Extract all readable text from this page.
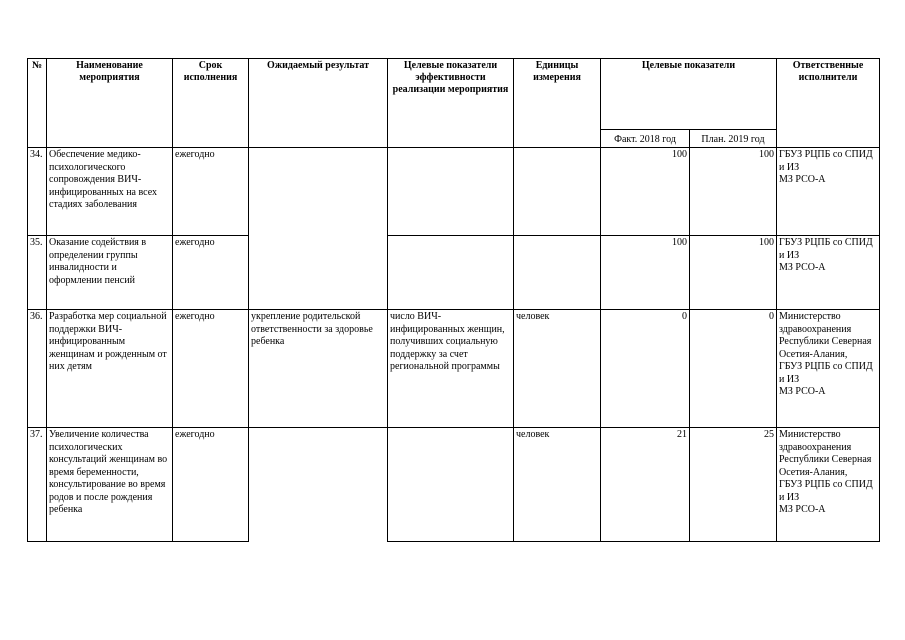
№	Наименование мероприятия	Срок исполнения	Ожидаемый результат	Целевые показатели эффективности реализации мероприятия	Единицы измерения	Целевые показатели		Ответственные исполнители
						Факт. 2018 год	План. 2019 год	
34.	Обеспечение медико-психологического сопровождения ВИЧ-инфицированных на всех стадиях заболевания	ежегодно				100	100	ГБУЗ РЦПБ со СПИД и ИЗ
МЗ РСО-А
35.	Оказание содействия в определении группы инвалидности и оформлении пенсий	ежегодно				100	100	ГБУЗ РЦПБ со СПИД и ИЗ
МЗ РСО-А
36.	Разработка мер социальной поддержки ВИЧ-инфицированным женщинам и рожденным от них детям	ежегодно	укрепление родительской ответственности за здоровье ребенка	число ВИЧ-инфицированных женщин, получивших социальную поддержку за счет региональной программы	человек	0	0	Министерство здравоохранения Республики Северная Осетия-Алания,
ГБУЗ РЦПБ со СПИД и ИЗ
МЗ РСО-А
37.	Увеличение количества психологических консультаций женщинам во время беременности, консультирование во время родов и после рождения ребенка	ежегодно			человек	21	25	Министерство здравоохранения Республики Северная Осетия-Алания,
ГБУЗ РЦПБ со СПИД и ИЗ
МЗ РСО-А
